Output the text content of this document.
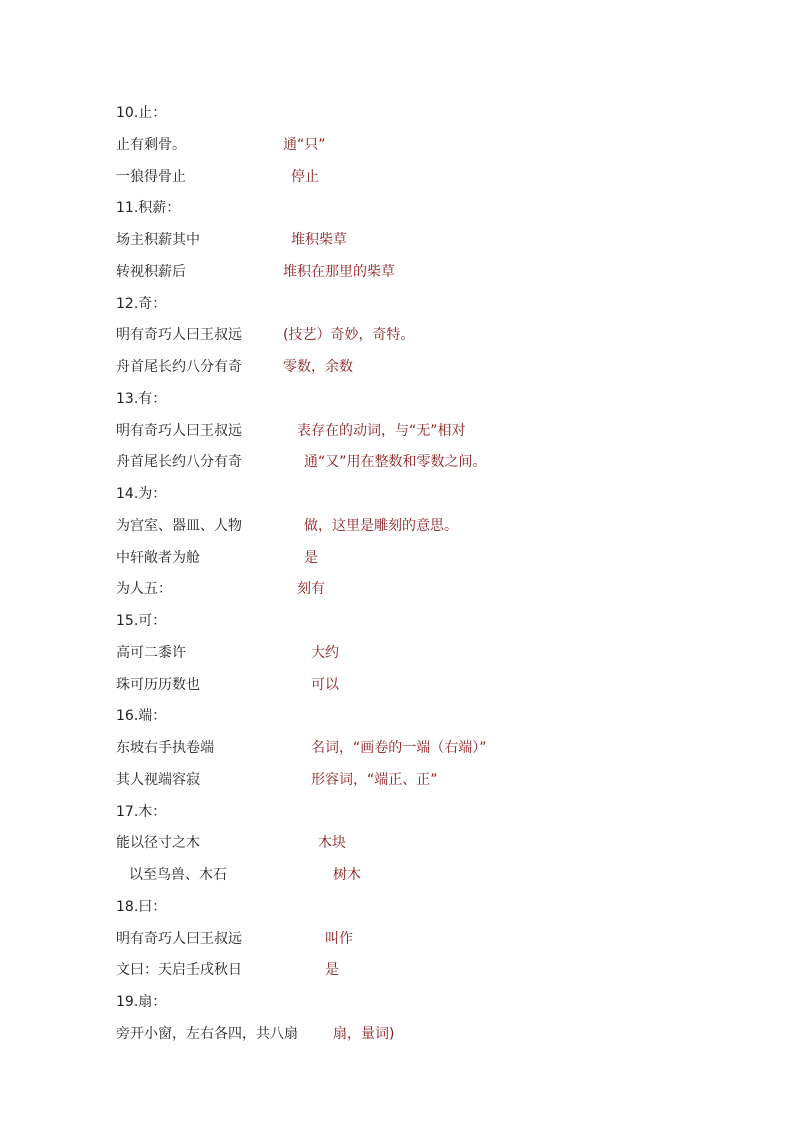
10.止：
止有剩骨。	通“只”
一狼得骨止	停止
11.积薪：
场主积薪其中	堆积柴草
转视积薪后	堆积在那里的柴草
12.奇：
明有奇巧人曰王叔远	(技艺）奇妙，奇特。
舟首尾长约八分有奇	零数，余数
13.有：
明有奇巧人曰王叔远	表存在的动词，与“无”相对
舟首尾长约八分有奇	通“又”用在整数和零数之间。
14.为：
为宫室、器皿、人物	做，这里是雕刻的意思。
中轩敞者为舱	是
为人五：	刻有
15.可：
高可二黍许	大约
珠可历历数也	可以
16.端：
东坡右手执卷端	名词，“画卷的一端（右端）”
其人视端容寂	形容词，“端正、正”
17.木：
能以径寸之木	木块
以至鸟兽、木石	树木
18.曰：
明有奇巧人曰王叔远	叫作
文曰：天启壬戌秋日	是
19.扇：
旁开小窗，左右各四，共八扇	扇，量词)
